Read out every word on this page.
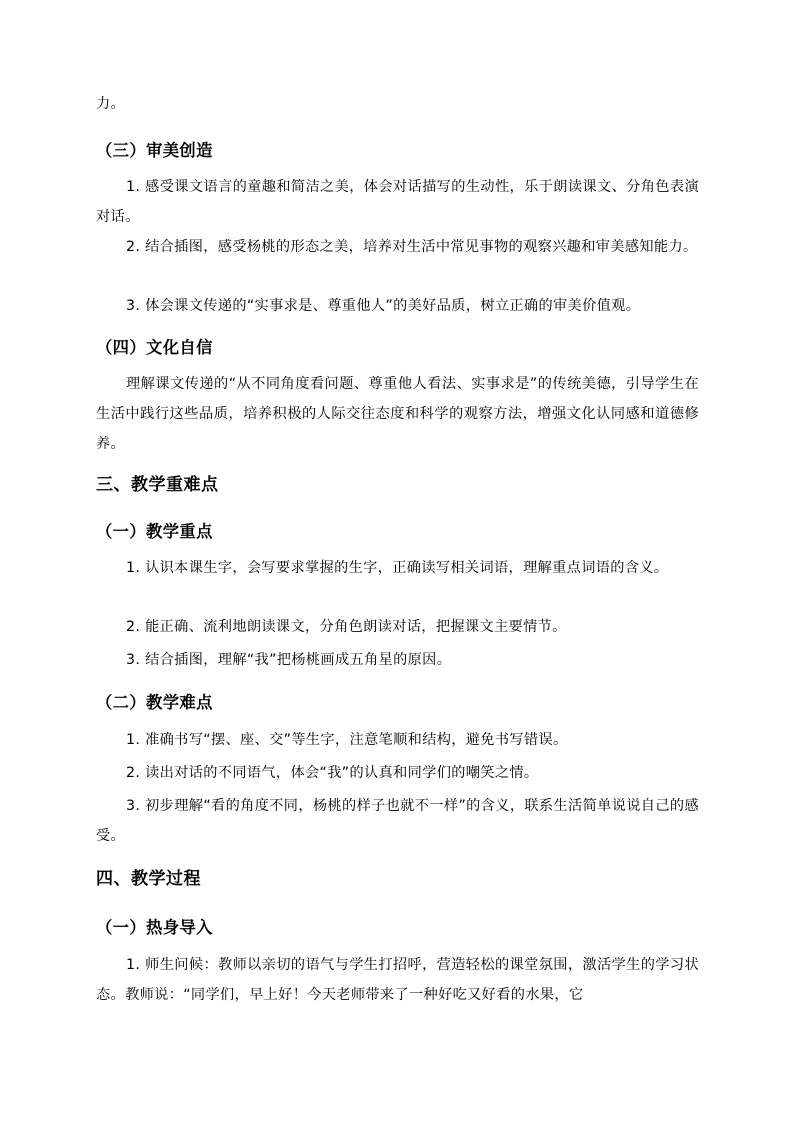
力。

（三）审美创造

1. 感受课文语言的童趣和简洁之美，体会对话描写的生动性，乐于朗读课文、分角色表演对话。

2. 结合插图，感受杨桃的形态之美，培养对生活中常见事物的观察兴趣和审美感知能力。

3. 体会课文传递的“实事求是、尊重他人”的美好品质，树立正确的审美价值观。

（四）文化自信

理解课文传递的“从不同角度看问题、尊重他人看法、实事求是”的传统美德，引导学生在生活中践行这些品质，培养积极的人际交往态度和科学的观察方法，增强文化认同感和道德修养。

三、教学重难点
（一）教学重点

1. 认识本课生字，会写要求掌握的生字，正确读写相关词语，理解重点词语的含义。

2. 能正确、流利地朗读课文，分角色朗读对话，把握课文主要情节。

3. 结合插图，理解“我”把杨桃画成五角星的原因。

（二）教学难点

1. 准确书写“摆、座、交”等生字，注意笔顺和结构，避免书写错误。

2. 读出对话的不同语气，体会“我”的认真和同学们的嘲笑之情。

3. 初步理解“看的角度不同，杨桃的样子也就不一样”的含义，联系生活简单说说自己的感受。

四、教学过程
（一）热身导入

1. 师生问候：教师以亲切的语气与学生打招呼，营造轻松的课堂氛围，激活学生的学习状态。教师说：“同学们，早上好！今天老师带来了一种好吃又好看的水果，它
